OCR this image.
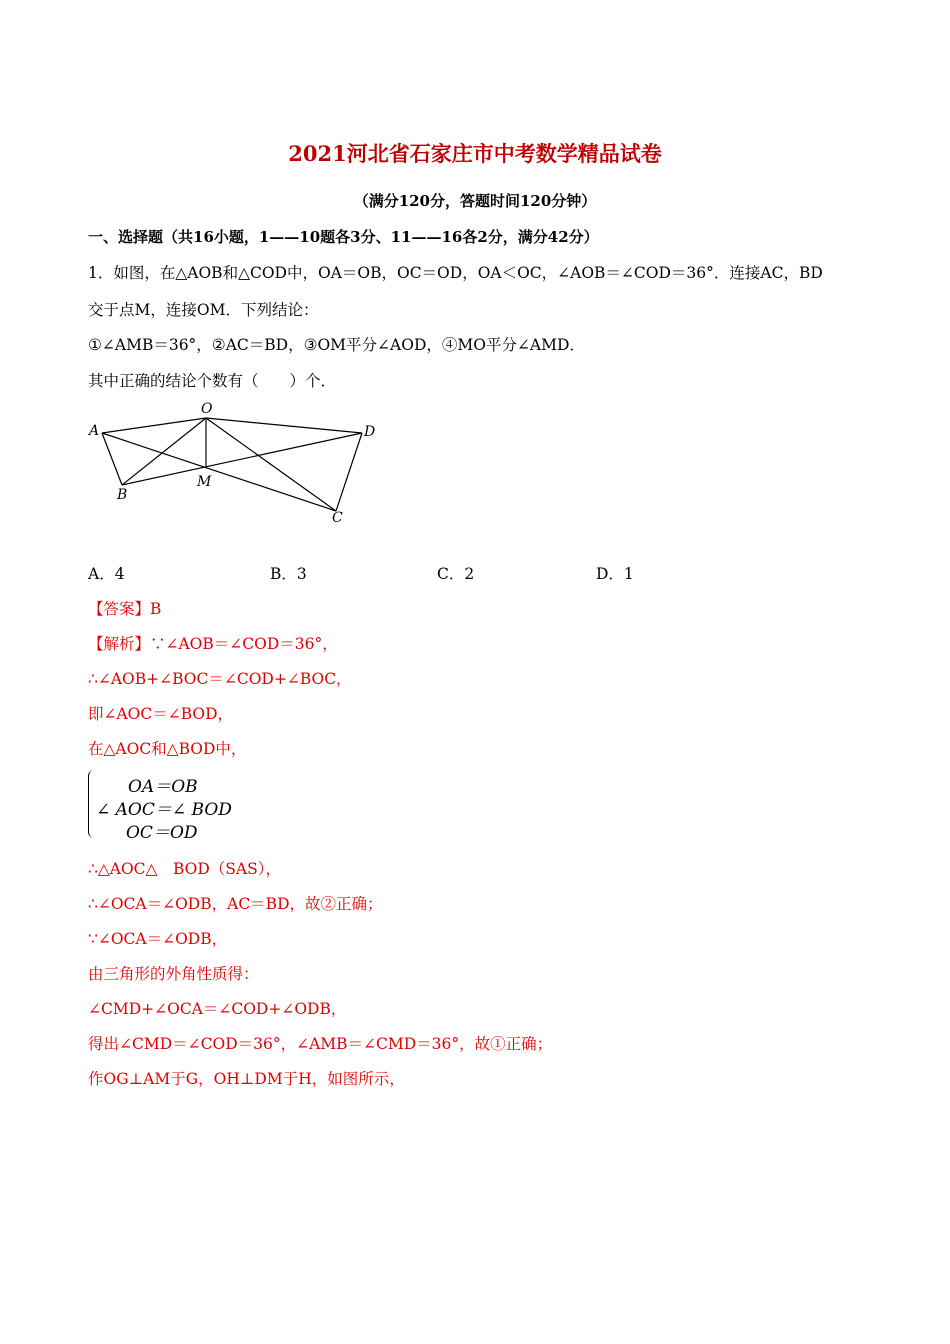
2021河北省石家庄市中考数学精品试卷
（满分120分，答题时间120分钟）
一、选择题（共16小题，1——10题各3分、11——16各2分，满分42分）
1．如图，在△AOB和△COD中，OA＝OB，OC＝OD，OA＜OC，∠AOB＝∠COD＝36°．连接AC，BD
交于点M，连接OM．下列结论：
①∠AMB＝36°，②AC＝BD，③OM平分∠AOD，④MO平分∠AMD．
其中正确的结论个数有（　　）个．
A
O
D
B
M
C
A．4	B．3	C．2	D．1
【答案】B
【解析】∵∠AOB＝∠COD＝36°，
∴∠AOB+∠BOC＝∠COD+∠BOC，
即∠AOC＝∠BOD，
在△AOC和△BOD中，
OA＝OB
∠ AOC＝∠ BOD
OC＝OD
∴△AOC△　BOD（SAS），
∴∠OCA＝∠ODB，AC＝BD，故②正确；
∵∠OCA＝∠ODB，
由三角形的外角性质得：
∠CMD+∠OCA＝∠COD+∠ODB，
得出∠CMD＝∠COD＝36°，∠AMB＝∠CMD＝36°，故①正确；
作OG⊥AM于G，OH⊥DM于H，如图所示，
